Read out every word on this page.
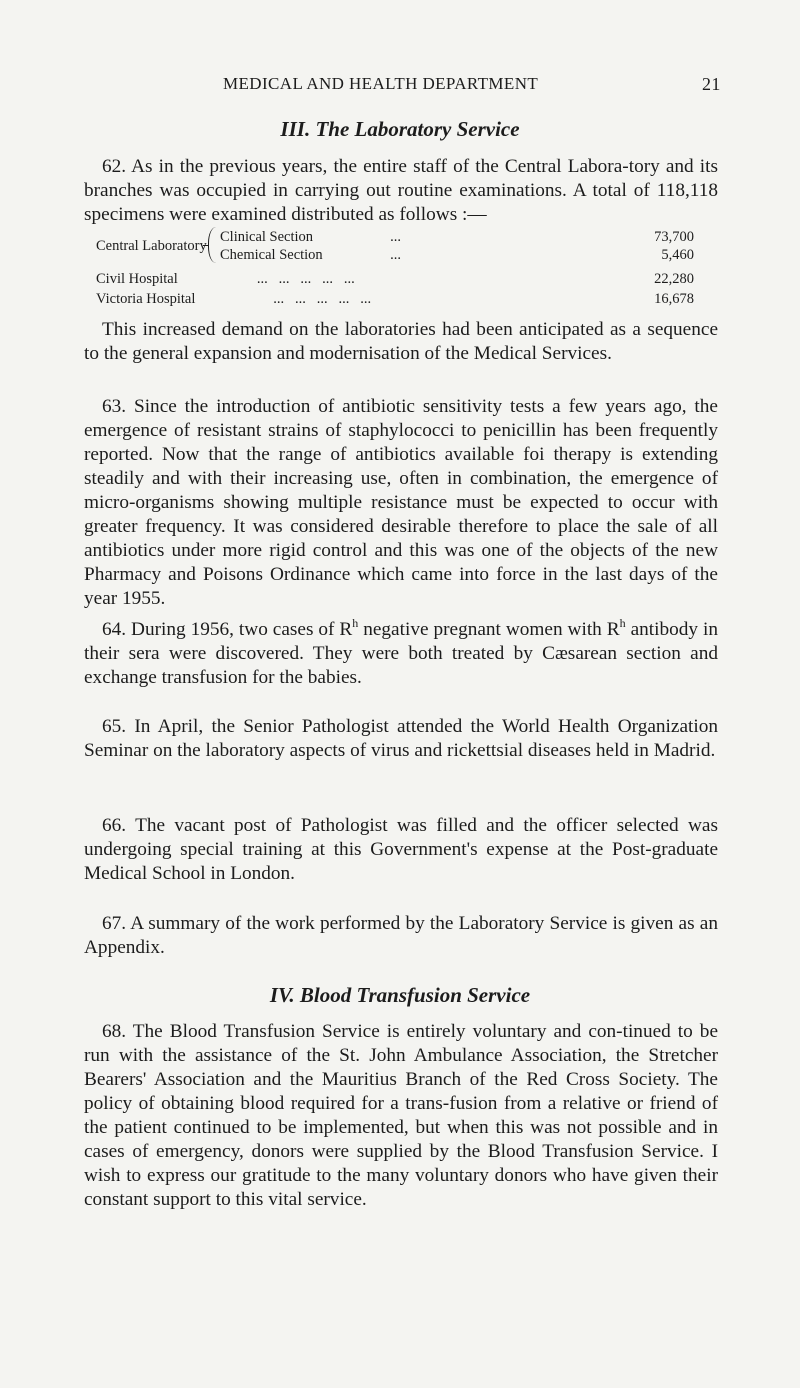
MEDICAL AND HEALTH DEPARTMENT	21
III. The Laboratory Service

62. As in the previous years, the entire staff of the Central Labora-tory and its branches was occupied in carrying out routine examinations. A total of 118,118 specimens were examined distributed as follows :—

Central Laboratory
Clinical Section	...	73,700
Chemical Section	...	5,460
Civil Hospital	...   ...   ...   ...   ...	22,280
Victoria Hospital	...   ...   ...   ...   ...	16,678

This increased demand on the laboratories had been anticipated as a sequence to the general expansion and modernisation of the Medical Services.

63. Since the introduction of antibiotic sensitivity tests a few years ago, the emergence of resistant strains of staphylococci to penicillin has been frequently reported. Now that the range of antibiotics available foi therapy is extending steadily and with their increasing use, often in combination, the emergence of micro-organisms showing multiple resistance must be expected to occur with greater frequency. It was considered desirable therefore to place the sale of all antibiotics under more rigid control and this was one of the objects of the new Pharmacy and Poisons Ordinance which came into force in the last days of the year 1955.

64. During 1956, two cases of $R^h$ negative pregnant women with $R^h$ antibody in their sera were discovered. They were both treated by Cæsarean section and exchange transfusion for the babies.

65. In April, the Senior Pathologist attended the World Health Organization Seminar on the laboratory aspects of virus and rickettsial diseases held in Madrid.

66. The vacant post of Pathologist was filled and the officer selected was undergoing special training at this Government's expense at the Post-graduate Medical School in London.

67. A summary of the work performed by the Laboratory Service is given as an Appendix.

IV. Blood Transfusion Service

68. The Blood Transfusion Service is entirely voluntary and con-tinued to be run with the assistance of the St. John Ambulance Association, the Stretcher Bearers' Association and the Mauritius Branch of the Red Cross Society. The policy of obtaining blood required for a trans-fusion from a relative or friend of the patient continued to be implemented, but when this was not possible and in cases of emergency, donors were supplied by the Blood Transfusion Service. I wish to express our gratitude to the many voluntary donors who have given their constant support to this vital service.
